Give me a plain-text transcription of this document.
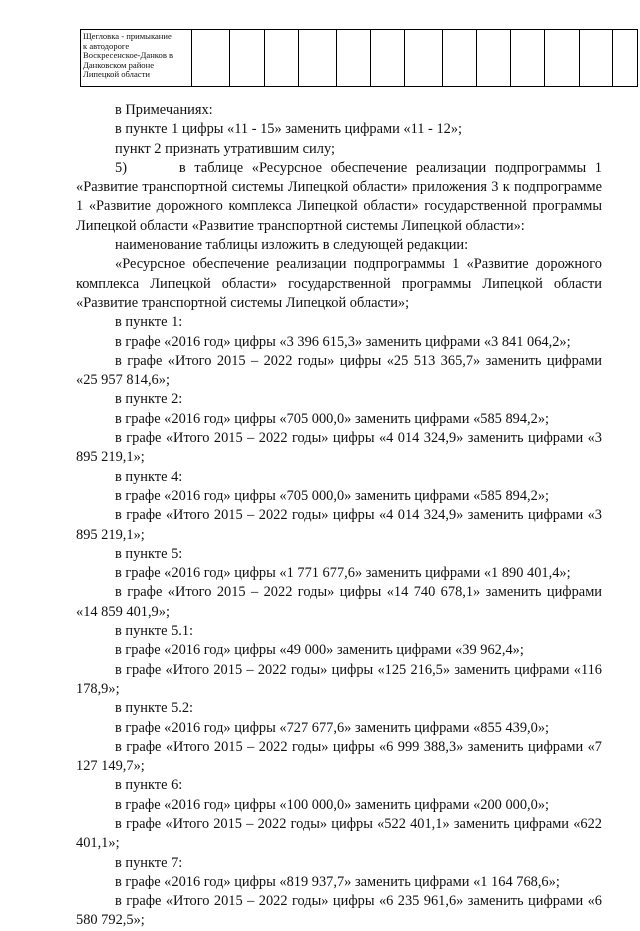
Щегловка - примыкание
к автодороге
Воскресенское-Данков в
Данковском районе
Липецкой области

в Примечаниях:

в пункте 1 цифры «11 - 15» заменить цифрами «11 - 12»;

пункт 2 признать утратившим силу;

5)      в таблице «Ресурсное обеспечение реализации подпрограммы 1 «Развитие транспортной системы Липецкой области» приложения 3 к подпрограмме 1 «Развитие дорожного комплекса Липецкой области» государственной программы Липецкой области «Развитие транспортной системы Липецкой области»:

наименование таблицы изложить в следующей редакции:

«Ресурсное обеспечение реализации подпрограммы 1 «Развитие дорожного комплекса Липецкой области» государственной программы Липецкой области «Развитие транспортной системы Липецкой области»;

в пункте 1:

в графе «2016 год» цифры «3 396 615,3» заменить цифрами «3 841 064,2»;

в графе «Итого 2015 – 2022 годы» цифры «25 513 365,7» заменить цифрами «25 957 814,6»;

в пункте 2:

в графе «2016 год» цифры «705 000,0» заменить цифрами «585 894,2»;

в графе «Итого 2015 – 2022 годы» цифры «4 014 324,9» заменить цифрами «3 895 219,1»;

в пункте 4:

в графе «2016 год» цифры «705 000,0» заменить цифрами «585 894,2»;

в графе «Итого 2015 – 2022 годы» цифры «4 014 324,9» заменить цифрами «3 895 219,1»;

в пункте 5:

в графе «2016 год» цифры «1 771 677,6» заменить цифрами «1 890 401,4»;

в графе «Итого 2015 – 2022 годы» цифры «14 740 678,1» заменить цифрами «14 859 401,9»;

в пункте 5.1:

в графе «2016 год» цифры «49 000» заменить цифрами «39 962,4»;

в графе «Итого 2015 – 2022 годы» цифры «125 216,5» заменить цифрами «116 178,9»;

в пункте 5.2:

в графе «2016 год» цифры «727 677,6» заменить цифрами «855 439,0»;

в графе «Итого 2015 – 2022 годы» цифры «6 999 388,3» заменить цифрами «7 127 149,7»;

в пункте 6:

в графе «2016 год» цифры «100 000,0» заменить цифрами «200 000,0»;

в графе «Итого 2015 – 2022 годы» цифры «522 401,1» заменить цифрами «622 401,1»;

в пункте 7:

в графе «2016 год» цифры «819 937,7» заменить цифрами «1 164 768,6»;

в графе «Итого 2015 – 2022 годы» цифры «6 235 961,6» заменить цифрами «6 580 792,5»;
